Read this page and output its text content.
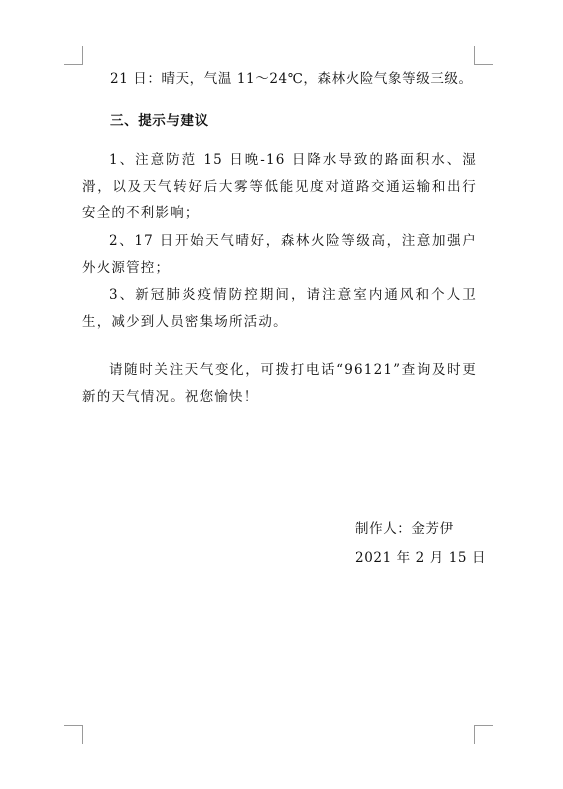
21 日：晴天，气温 11～24℃，森林火险气象等级三级。
三、提示与建议
1、注意防范 15 日晚-16 日降水导致的路面积水、湿滑，以及天气转好后大雾等低能见度对道路交通运输和出行安全的不利影响；
2、17 日开始天气晴好，森林火险等级高，注意加强户外火源管控；
3、新冠肺炎疫情防控期间，请注意室内通风和个人卫生，减少到人员密集场所活动。
请随时关注天气变化，可拨打电话“96121”查询及时更新的天气情况。祝您愉快！
制作人：金芳伊
2021 年 2 月 15 日
